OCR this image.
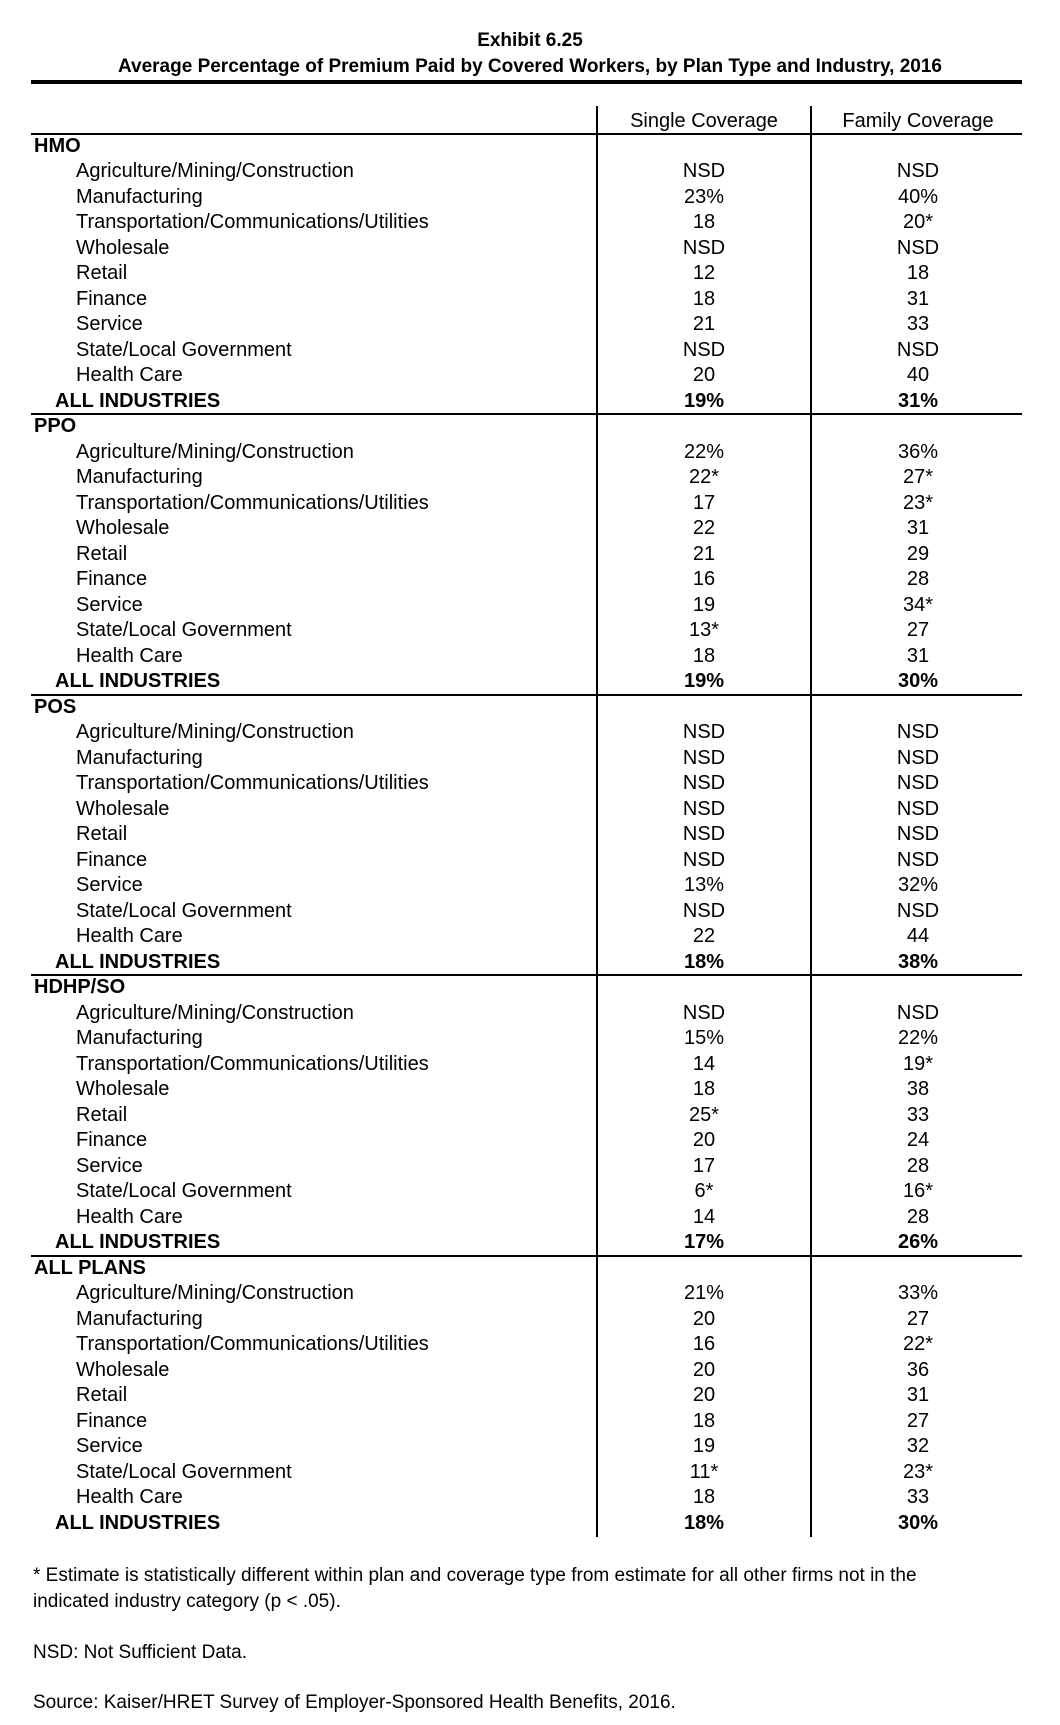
Exhibit 6.25
Average Percentage of Premium Paid by Covered Workers, by Plan Type and Industry, 2016
Single Coverage	Family Coverage
HMO
Agriculture/Mining/Construction	NSD	NSD
Manufacturing	23%	40%
Transportation/Communications/Utilities	18	20*
Wholesale	NSD	NSD
Retail	12	18
Finance	18	31
Service	21	33
State/Local Government	NSD	NSD
Health Care	20	40
ALL INDUSTRIES	19%	31%
PPO
Agriculture/Mining/Construction	22%	36%
Manufacturing	22*	27*
Transportation/Communications/Utilities	17	23*
Wholesale	22	31
Retail	21	29
Finance	16	28
Service	19	34*
State/Local Government	13*	27
Health Care	18	31
ALL INDUSTRIES	19%	30%
POS
Agriculture/Mining/Construction	NSD	NSD
Manufacturing	NSD	NSD
Transportation/Communications/Utilities	NSD	NSD
Wholesale	NSD	NSD
Retail	NSD	NSD
Finance	NSD	NSD
Service	13%	32%
State/Local Government	NSD	NSD
Health Care	22	44
ALL INDUSTRIES	18%	38%
HDHP/SO
Agriculture/Mining/Construction	NSD	NSD
Manufacturing	15%	22%
Transportation/Communications/Utilities	14	19*
Wholesale	18	38
Retail	25*	33
Finance	20	24
Service	17	28
State/Local Government	6*	16*
Health Care	14	28
ALL INDUSTRIES	17%	26%
ALL PLANS
Agriculture/Mining/Construction	21%	33%
Manufacturing	20	27
Transportation/Communications/Utilities	16	22*
Wholesale	20	36
Retail	20	31
Finance	18	27
Service	19	32
State/Local Government	11*	23*
Health Care	18	33
ALL INDUSTRIES	18%	30%
* Estimate is statistically different within plan and coverage type from estimate for all other firms not in the
indicated industry category (p < .05).
NSD: Not Sufficient Data.
Source: Kaiser/HRET Survey of Employer-Sponsored Health Benefits, 2016.
